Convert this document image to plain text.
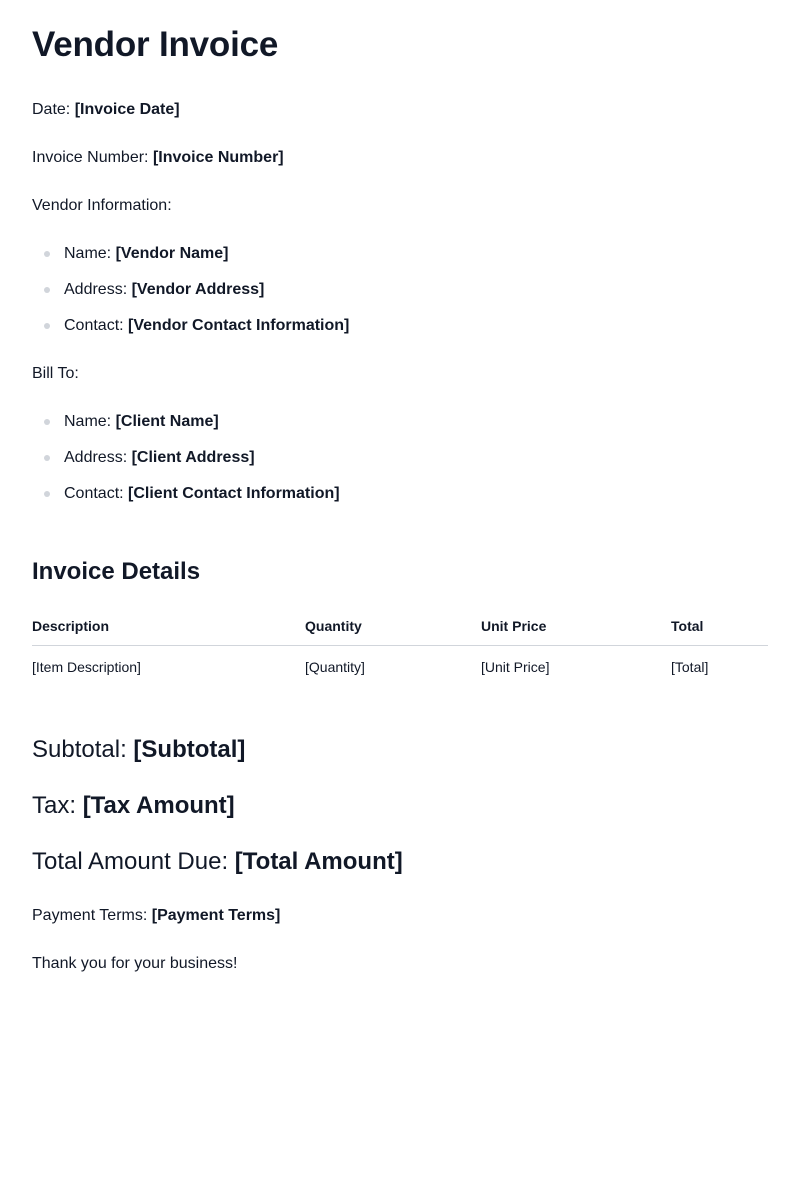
Vendor Invoice
Date: [Invoice Date]
Invoice Number: [Invoice Number]
Vendor Information:
Name: [Vendor Name]
Address: [Vendor Address]
Contact: [Vendor Contact Information]
Bill To:
Name: [Client Name]
Address: [Client Address]
Contact: [Client Contact Information]
Invoice Details
Description	Quantity	Unit Price	Total
[Item Description]	[Quantity]	[Unit Price]	[Total]
Subtotal: [Subtotal]
Tax: [Tax Amount]
Total Amount Due: [Total Amount]
Payment Terms: [Payment Terms]
Thank you for your business!
